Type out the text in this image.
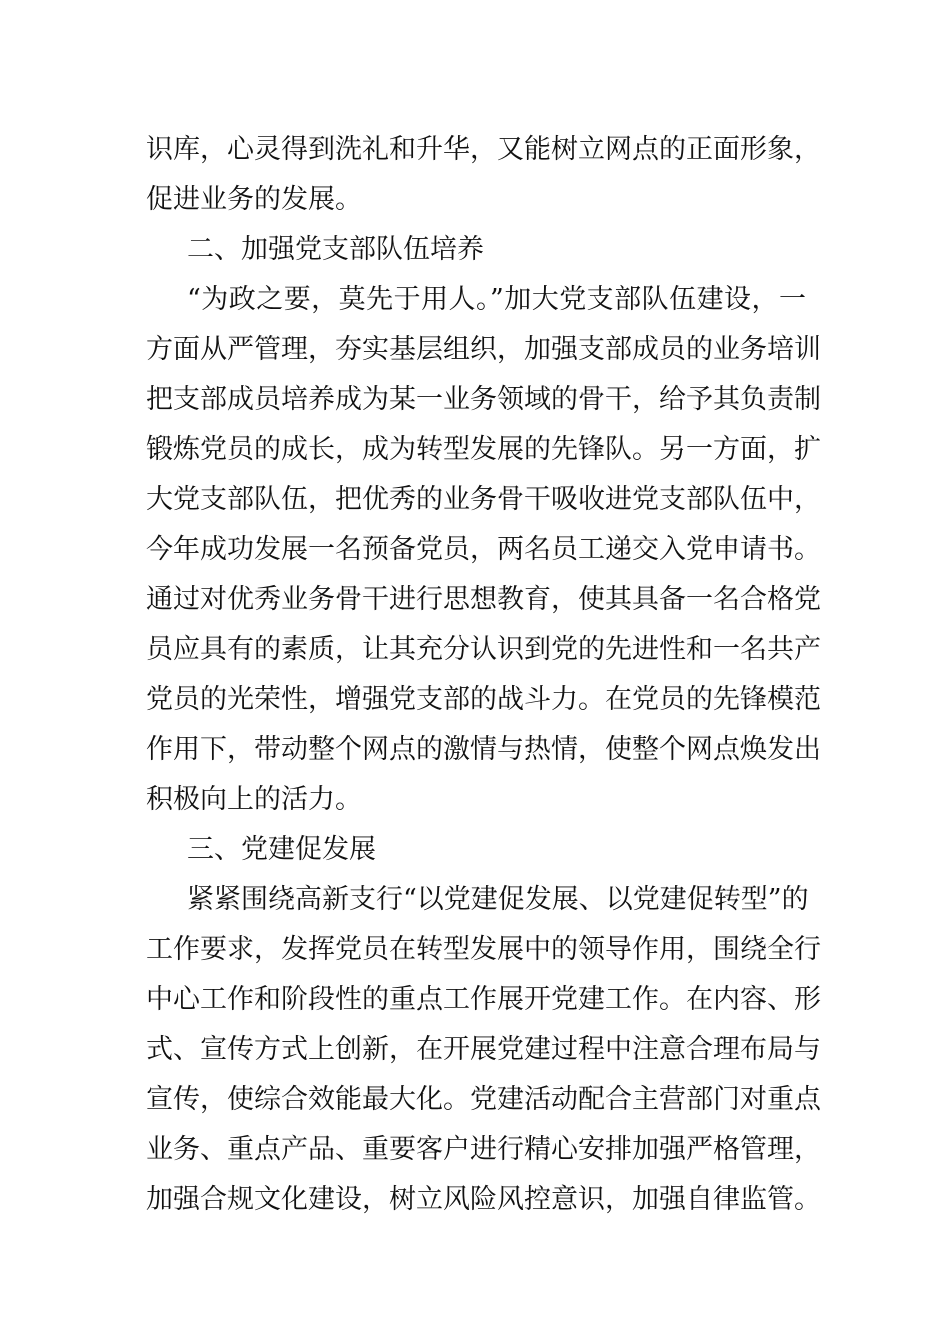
识库，心灵得到洗礼和升华，又能树立网点的正面形象，
促进业务的发展。
二、加强党支部队伍培养
“为政之要，莫先于用人。”加大党支部队伍建设，一
方面从严管理，夯实基层组织，加强支部成员的业务培训
把支部成员培养成为某一业务领域的骨干，给予其负责制
锻炼党员的成长，成为转型发展的先锋队。另一方面，扩
大党支部队伍，把优秀的业务骨干吸收进党支部队伍中，
今年成功发展一名预备党员，两名员工递交入党申请书。
通过对优秀业务骨干进行思想教育，使其具备一名合格党
员应具有的素质，让其充分认识到党的先进性和一名共产
党员的光荣性，增强党支部的战斗力。在党员的先锋模范
作用下，带动整个网点的激情与热情，使整个网点焕发出
积极向上的活力。
三、党建促发展
紧紧围绕高新支行“以党建促发展、以党建促转型”的
工作要求，发挥党员在转型发展中的领导作用，围绕全行
中心工作和阶段性的重点工作展开党建工作。在内容、形
式、宣传方式上创新，在开展党建过程中注意合理布局与
宣传，使综合效能最大化。党建活动配合主营部门对重点
业务、重点产品、重要客户进行精心安排加强严格管理，
加强合规文化建设，树立风险风控意识，加强自律监管。
